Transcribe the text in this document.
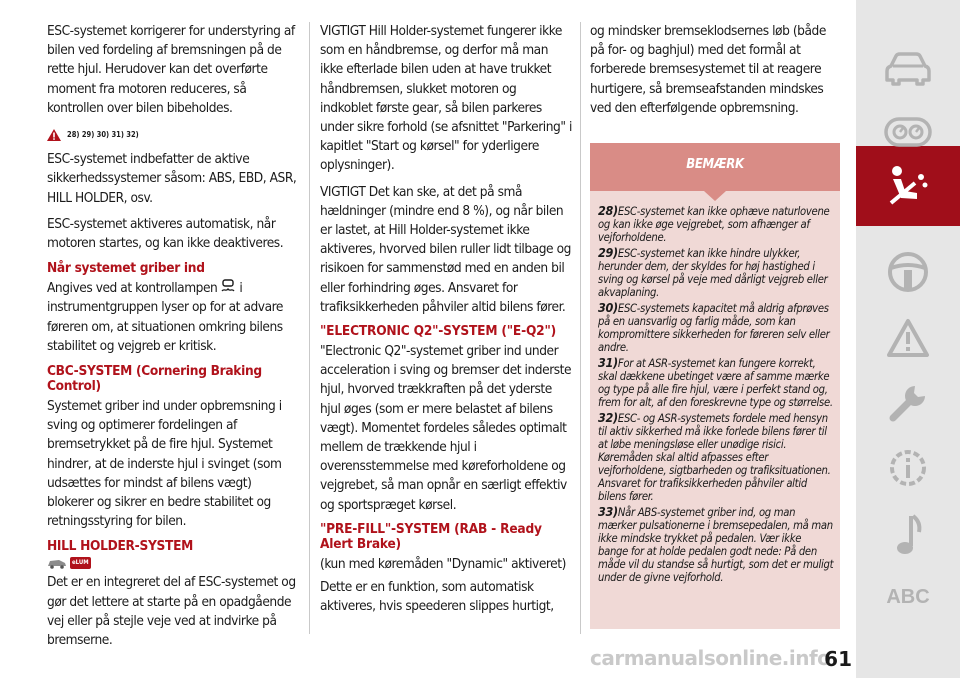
ESC-systemet korrigerer for understyring af bilen ved fordeling af bremsningen på de rette hjul. Herudover kan det overførte moment fra motoren reduceres, så kontrollen over bilen bibeholdes.

28) 29) 30) 31) 32)

ESC-systemet indbefatter de aktive sikkerhedssystemer såsom: ABS, EBD, ASR, HILL HOLDER, osv.

ESC-systemet aktiveres automatisk, når motoren startes, og kan ikke deaktiveres.

Når systemet griber ind

Angives ved at kontrollampen i instrumentgruppen lyser op for at advare føreren om, at situationen omkring bilens stabilitet og vejgreb er kritisk.

CBC-SYSTEM (Cornering Braking Control)

Systemet griber ind under opbremsning i sving og optimerer fordelingen af bremsetrykket på de fire hjul. Systemet hindrer, at de inderste hjul i svinget (som udsættes for mindst af bilens vægt) blokerer og sikrer en bedre stabilitet og retningsstyring for bilen.

HILL HOLDER-SYSTEM
eLUM

Det er en integreret del af ESC-systemet og gør det lettere at starte på en opadgående vej eller på stejle veje ved at indvirke på bremserne.

VIGTIGT Hill Holder-systemet fungerer ikke som en håndbremse, og derfor må man ikke efterlade bilen uden at have trukket håndbremsen, slukket motoren og indkoblet første gear, så bilen parkeres under sikre forhold (se afsnittet "Parkering" i kapitlet "Start og kørsel" for yderligere oplysninger).

VIGTIGT Det kan ske, at det på små hældninger (mindre end 8 %), og når bilen er lastet, at Hill Holder-systemet ikke aktiveres, hvorved bilen ruller lidt tilbage og risikoen for sammenstød med en anden bil eller forhindring øges. Ansvaret for trafiksikkerheden påhviler altid bilens fører.

"ELECTRONIC Q2"-SYSTEM ("E-Q2")

"Electronic Q2"-systemet griber ind under acceleration i sving og bremser det inderste hjul, hvorved trækkraften på det yderste hjul øges (som er mere belastet af bilens vægt). Momentet fordeles således optimalt mellem de trækkende hjul i overensstemmelse med køreforholdene og vejgrebet, så man opnår en særligt effektiv og sportspræget kørsel.

"PRE-FILL"-SYSTEM (RAB - Ready Alert Brake)

(kun med køremåden "Dynamic" aktiveret)

Dette er en funktion, som automatisk aktiveres, hvis speederen slippes hurtigt,

og mindsker bremseklodsernes løb (både på for- og baghjul) med det formål at forberede bremsesystemet til at reagere hurtigere, så bremseafstanden mindskes ved den efterfølgende opbremsning.

BEMÆRK

28)ESC-systemet kan ikke ophæve naturlovene og kan ikke øge vejgrebet, som afhænger af vejforholdene.

29)ESC-systemet kan ikke hindre ulykker, herunder dem, der skyldes for høj hastighed i sving og kørsel på veje med dårligt vejgreb eller akvaplaning.

30)ESC-systemets kapacitet må aldrig afprøves på en uansvarlig og farlig måde, som kan kompromittere sikkerheden for føreren selv eller andre.

31)For at ASR-systemet kan fungere korrekt, skal dækkene ubetinget være af samme mærke og type på alle fire hjul, være i perfekt stand og, frem for alt, af den foreskrevne type og størrelse.

32)ESC- og ASR-systemets fordele med hensyn til aktiv sikkerhed må ikke forlede bilens fører til at løbe meningsløse eller unødige risici. Køremåden skal altid afpasses efter vejforholdene, sigtbarheden og trafiksituationen. Ansvaret for trafiksikkerheden påhviler altid bilens fører.

33)Når ABS-systemet griber ind, og man mærker pulsationerne i bremsepedalen, må man ikke mindske trykket på pedalen. Vær ikke bange for at holde pedalen godt nede: På den måde vil du standse så hurtigt, som det er muligt under de givne vejforhold.

ABC
carmanualsonline.info
61
